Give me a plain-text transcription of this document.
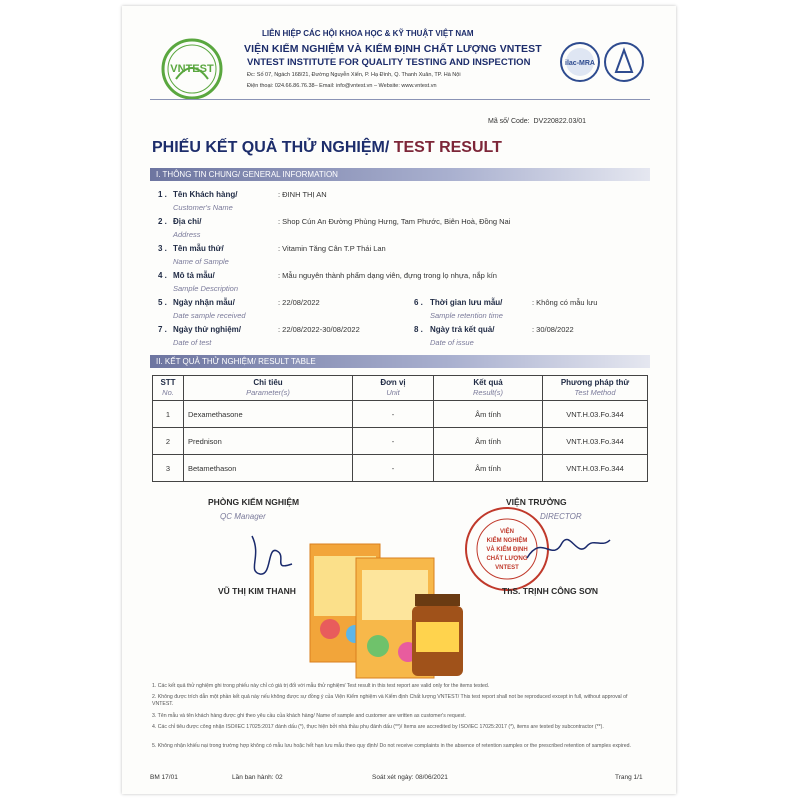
VNTEST
LIÊN HIỆP CÁC HỘI KHOA HỌC & KỸ THUẬT VIỆT NAM
VIỆN KIỂM NGHIỆM VÀ KIỂM ĐỊNH CHẤT LƯỢNG VNTEST
VNTEST INSTITUTE FOR QUALITY TESTING AND INSPECTION
Đc: Số 07, Ngách 168/21, Đường Nguyễn Xiển, P. Hạ Đình, Q. Thanh Xuân, TP. Hà Nội
Điện thoại: 024.66.86.76.38– Email: info@vntest.vn – Website: www.vntest.vn
ilac-MRA
Mã số/ Code: DV220822.03/01
PHIẾU KẾT QUẢ THỬ NGHIỆM/ TEST RESULT
I. THÔNG TIN CHUNG/ GENERAL INFORMATION
1 . Tên Khách hàng/
Customer's Name
: ĐINH THỊ AN
2 . Địa chỉ/
Address
: Shop Cún An Đường Phùng Hưng, Tam Phước, Biên Hoà, Đồng Nai
3 . Tên mẫu thử/
Name of Sample
: Vitamin Tăng Cân T.P Thái Lan
4 . Mô tả mẫu/
Sample Description
: Mẫu nguyên thành phẩm dạng viên, đựng trong lọ nhựa, nắp kín
5 . Ngày nhận mẫu/
Date sample received
: 22/08/2022	6 . Thời gian lưu mẫu/
Sample retention time
: Không có mẫu lưu
7 . Ngày thử nghiệm/
Date of test
: 22/08/2022-30/08/2022	8 . Ngày trả kết quả/
Date of issue
: 30/08/2022
II. KẾT QUẢ THỬ NGHIỆM/ RESULT TABLE
STT
No.	Chỉ tiêu
Parameter(s)	Đơn vị
Unit	Kết quả
Result(s)	Phương pháp thử
Test Method

1	Dexamethasone	-	Âm tính	VNT.H.03.Fo.344
2	Prednison	-	Âm tính	VNT.H.03.Fo.344
3	Betamethason	-	Âm tính	VNT.H.03.Fo.344
PHÒNG KIỂM NGHIỆM
QC Manager
VIỆN TRƯỞNG
VIỆN
KIỂM NGHIỆM
VÀ KIỂM ĐỊNH
CHẤT LƯỢNG
VNTEST
DIRECTOR
VŨ THỊ KIM THANH	ThS. TRỊNH CÔNG SƠN
1. Các kết quả thử nghiệm ghi trong phiếu này chỉ có giá trị đối với mẫu thử nghiệm/ Test result in this test report are valid only for the items tested.
2. Không được trích dẫn một phần kết quả này nếu không được sự đồng ý của Viện Kiểm nghiệm và Kiểm định Chất lượng VNTEST/ This test report shall not be reproduced except in full, without approval of VNTEST.
3. Tên mẫu và tên khách hàng được ghi theo yêu cầu của khách hàng/ Name of sample and customer are written as customer's request.
4. Các chỉ tiêu được công nhận ISO/IEC 17025:2017 đánh dấu (*), thực hiện bởi nhà thầu phụ đánh dấu (**)/ Items are accredited by ISO/IEC 17025:2017 (*), items are tested by subcontractor (**).
5. Không nhận khiếu nại trong trường hợp không có mẫu lưu hoặc hết hạn lưu mẫu theo quy định/ Do not receive complaints in the absence of retention samples or the prescribed retention of samples expired.
BM 17/01	Lần ban hành: 02	Soát xét ngày: 08/06/2021	Trang 1/1
